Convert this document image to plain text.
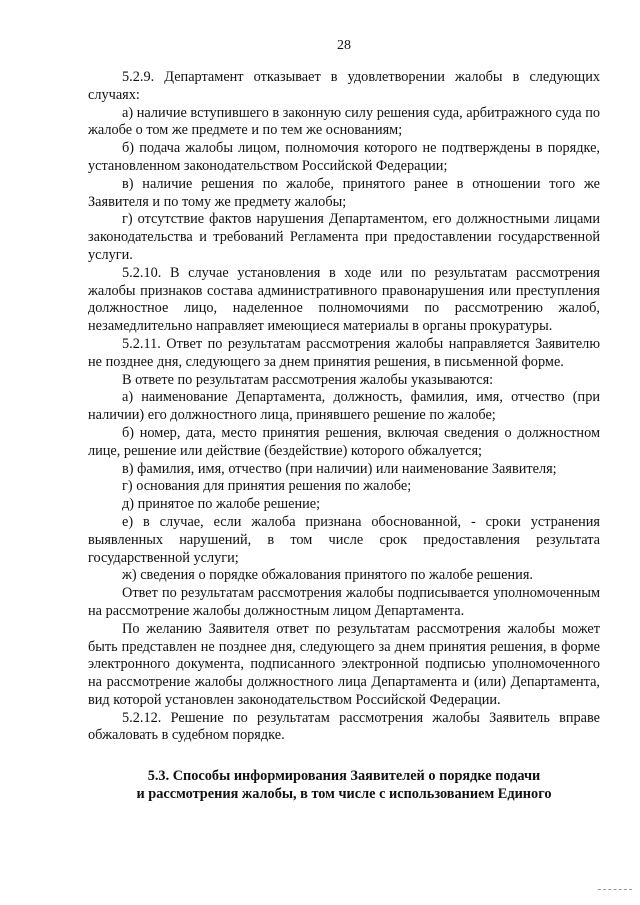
28

5.2.9. Департамент отказывает в удовлетворении жалобы в следующих случаях:

а) наличие вступившего в законную силу решения суда, арбитражного суда по жалобе о том же предмете и по тем же основаниям;

б) подача жалобы лицом, полномочия которого не подтверждены в порядке, установленном законодательством Российской Федерации;

в) наличие решения по жалобе, принятого ранее в отношении того же Заявителя и по тому же предмету жалобы;

г) отсутствие фактов нарушения Департаментом, его должностными лицами законодательства и требований Регламента при предоставлении государственной услуги.

5.2.10. В случае установления в ходе или по результатам рассмотрения жалобы признаков состава административного правонарушения или преступления должностное лицо, наделенное полномочиями по рассмотрению жалоб, незамедлительно направляет имеющиеся материалы в органы прокуратуры.

5.2.11. Ответ по результатам рассмотрения жалобы направляется Заявителю не позднее дня, следующего за днем принятия решения, в письменной форме.

В ответе по результатам рассмотрения жалобы указываются:

а) наименование Департамента, должность, фамилия, имя, отчество (при наличии) его должностного лица, принявшего решение по жалобе;

б) номер, дата, место принятия решения, включая сведения о должностном лице, решение или действие (бездействие) которого обжалуется;

в) фамилия, имя, отчество (при наличии) или наименование Заявителя;

г) основания для принятия решения по жалобе;

д) принятое по жалобе решение;

е) в случае, если жалоба признана обоснованной, - сроки устранения выявленных нарушений, в том числе срок предоставления результата государственной услуги;

ж) сведения о порядке обжалования принятого по жалобе решения.

Ответ по результатам рассмотрения жалобы подписывается уполномоченным на рассмотрение жалобы должностным лицом Департамента.

По желанию Заявителя ответ по результатам рассмотрения жалобы может быть представлен не позднее дня, следующего за днем принятия решения, в форме электронного документа, подписанного электронной подписью уполномоченного на рассмотрение жалобы должностного лица Департамента и (или) Департамента, вид которой установлен законодательством Российской Федерации.

5.2.12. Решение по результатам рассмотрения жалобы Заявитель вправе обжаловать в судебном порядке.

5.3. Способы информирования Заявителей о порядке подачи
и рассмотрения жалобы, в том числе с использованием Единого
